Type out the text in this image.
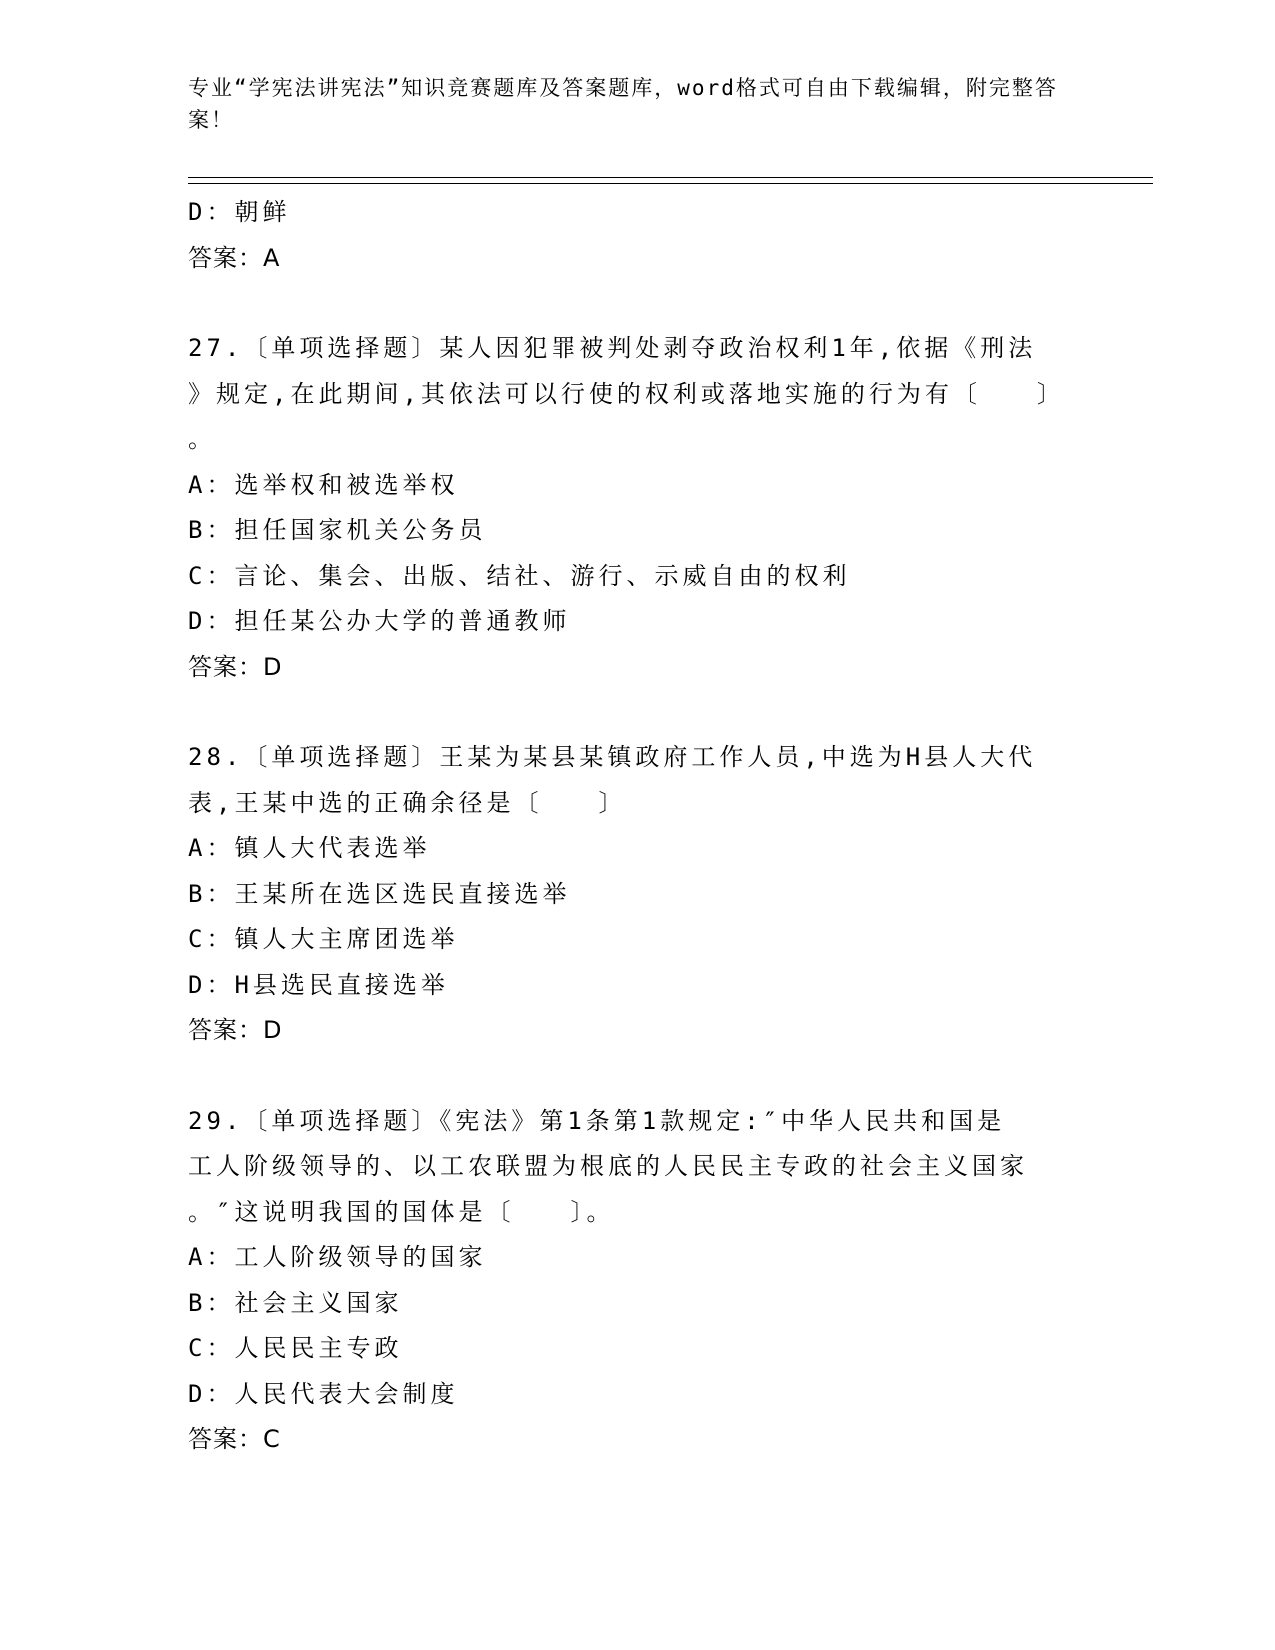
专业“学宪法讲宪法”知识竞赛题库及答案题库，word格式可自由下载编辑，附完整答案！
D：朝鲜
答案：A
27.〔单项选择题〕某人因犯罪被判处剥夺政治权利1年,依据《刑法
》规定,在此期间,其依法可以行使的权利或落地实施的行为有〔　　〕
。
A：选举权和被选举权
B：担任国家机关公务员
C：言论、集会、出版、结社、游行、示威自由的权利
D：担任某公办大学的普通教师
答案：D
28.〔单项选择题〕王某为某县某镇政府工作人员,中选为H县人大代
表,王某中选的正确余径是〔　　〕
A：镇人大代表选举
B：王某所在选区选民直接选举
C：镇人大主席团选举
D：H县选民直接选举
答案：D
29.〔单项选择题〕《宪法》第1条第1款规定:″中华人民共和国是
工人阶级领导的、以工农联盟为根底的人民民主专政的社会主义国家
。″这说明我国的国体是〔　　〕。
A：工人阶级领导的国家
B：社会主义国家
C：人民民主专政
D：人民代表大会制度
答案：C
